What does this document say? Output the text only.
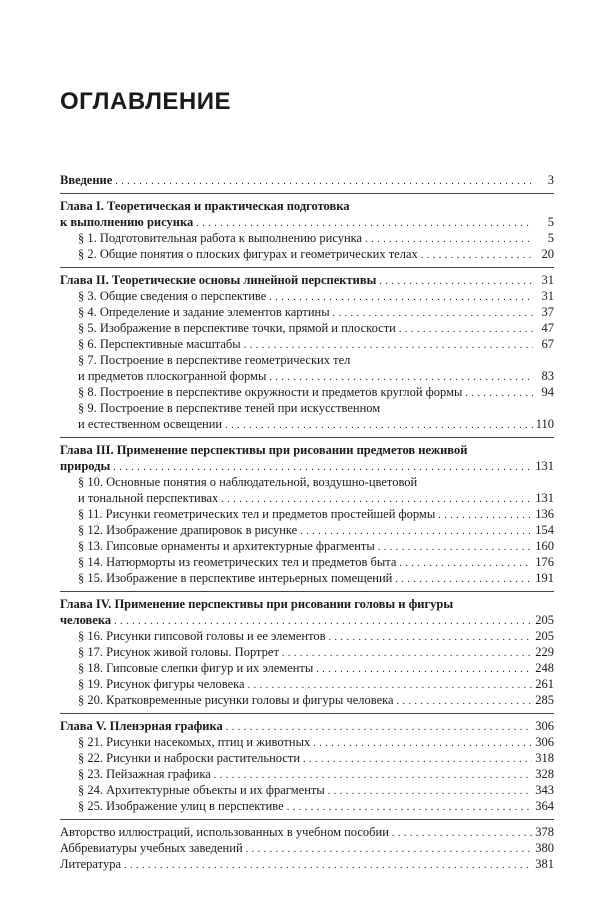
ОГЛАВЛЕНИЕ
Введение . . .	3
Глава I. Теоретическая и практическая подготовка
к выполнению рисунка . . .	5
§ 1. Подготовительная работа к выполнению рисунка . . .	5
§ 2. Общие понятия о плоских фигурах и геометрических телах . . .	20
Глава II. Теоретические основы линейной перспективы . . .	31
§ 3. Общие сведения о перспективе . . .	31
§ 4. Определение и задание элементов картины . . .	37
§ 5. Изображение в перспективе точки, прямой и плоскости . . .	47
§ 6. Перспективные масштабы . . .	67
§ 7. Построение в перспективе геометрических тел
и предметов плоскогранной формы . . .	83
§ 8. Построение в перспективе окружности и предметов круглой формы . . .	94
§ 9. Построение в перспективе теней при искусственном
и естественном освещении . . .	110
Глава III. Применение перспективы при рисовании предметов неживой
природы . . .	131
§ 10. Основные понятия о наблюдательной, воздушно-цветовой
и тональной перспективах . . .	131
§ 11. Рисунки геометрических тел и предметов простейшей формы . . .	136
§ 12. Изображение драпировок в рисунке . . .	154
§ 13. Гипсовые орнаменты и архитектурные фрагменты . . .	160
§ 14. Натюрморты из геометрических тел и предметов быта . . .	176
§ 15. Изображение в перспективе интерьерных помещений . . .	191
Глава IV. Применение перспективы при рисовании головы и фигуры
человека . . .	205
§ 16. Рисунки гипсовой головы и ее элементов . . .	205
§ 17. Рисунок живой головы. Портрет . . .	229
§ 18. Гипсовые слепки фигур и их элементы . . .	248
§ 19. Рисунок фигуры человека . . .	261
§ 20. Кратковременные рисунки головы и фигуры человека . . .	285
Глава V. Пленэрная графика . . .	306
§ 21. Рисунки насекомых, птиц и животных . . .	306
§ 22. Рисунки и наброски растительности . . .	318
§ 23. Пейзажная графика . . .	328
§ 24. Архитектурные объекты и их фрагменты . . .	343
§ 25. Изображение улиц в перспективе . . .	364
Авторство иллюстраций, использованных в учебном пособии . . .	378
Аббревиатуры учебных заведений . . .	380
Литература . . .	381
